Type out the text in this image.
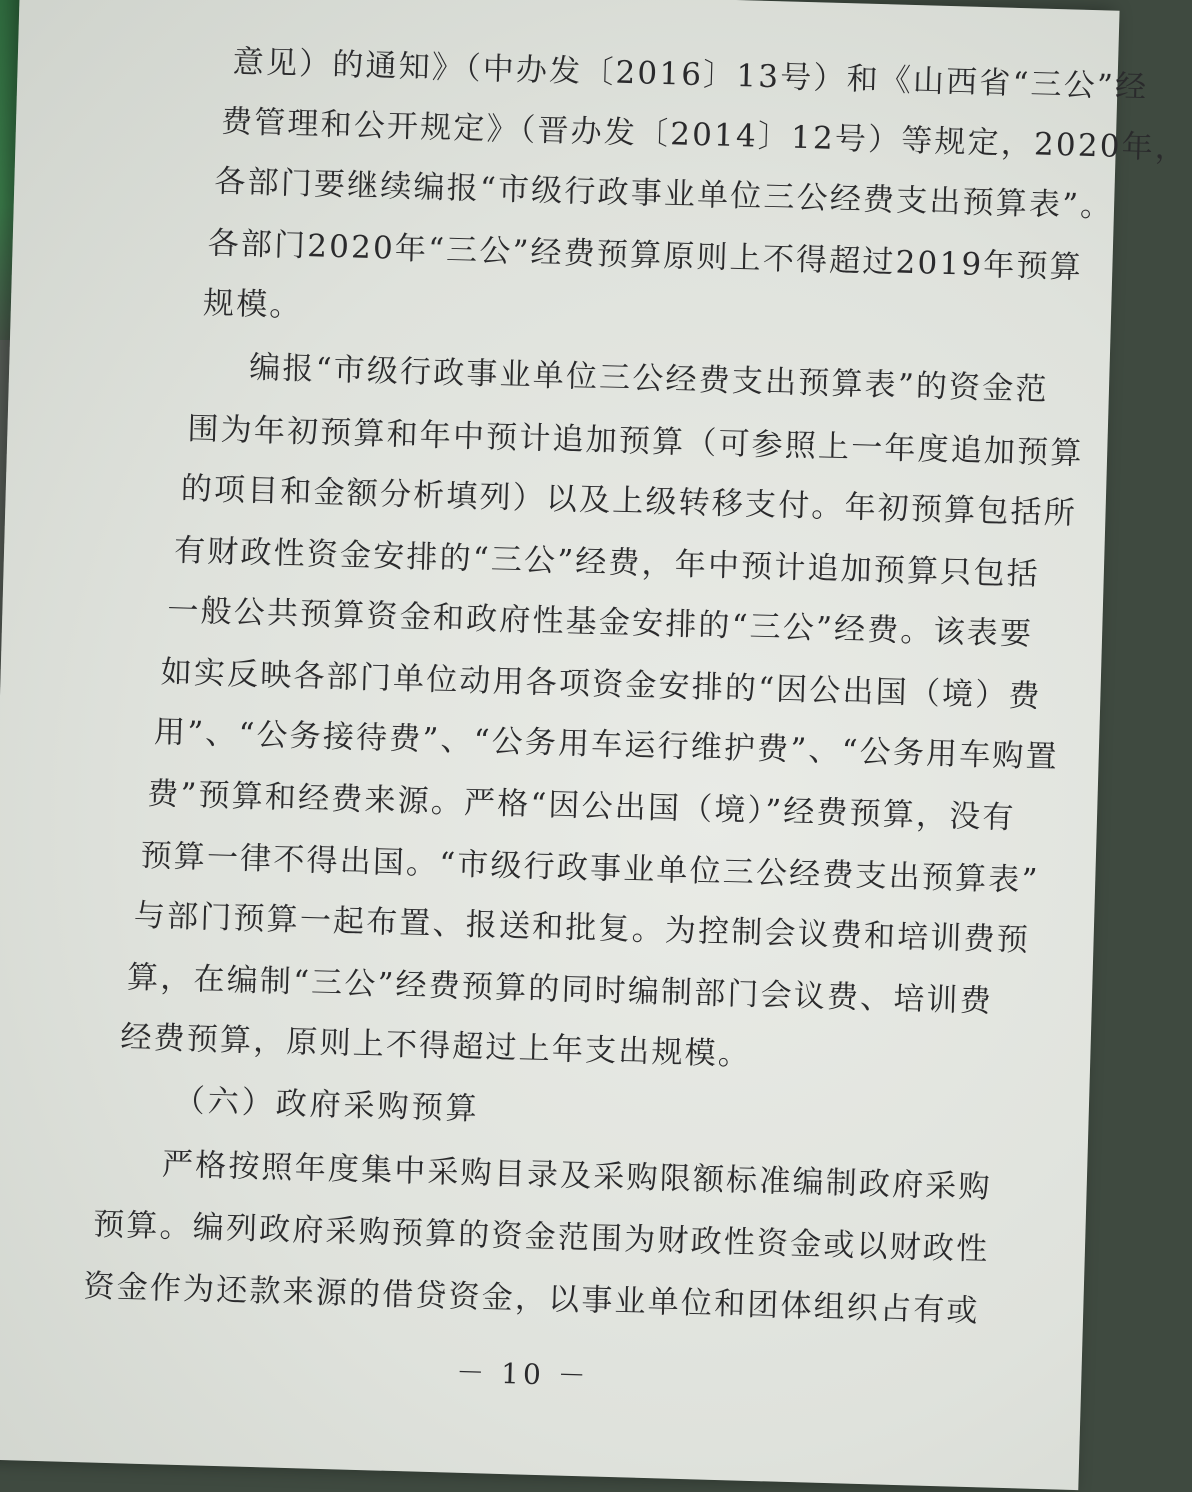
意见）的通知》（中办发〔2016〕13号）和《山西省“三公”经
费管理和公开规定》（晋办发〔2014〕12号）等规定，2020年，
各部门要继续编报“市级行政事业单位三公经费支出预算表”。
各部门2020年“三公”经费预算原则上不得超过2019年预算
规模。
编报“市级行政事业单位三公经费支出预算表”的资金范
围为年初预算和年中预计追加预算（可参照上一年度追加预算
的项目和金额分析填列）以及上级转移支付。年初预算包括所
有财政性资金安排的“三公”经费，年中预计追加预算只包括
一般公共预算资金和政府性基金安排的“三公”经费。该表要
如实反映各部门单位动用各项资金安排的“因公出国（境）费
用”、“公务接待费”、“公务用车运行维护费”、“公务用车购置
费”预算和经费来源。严格“因公出国（境）”经费预算，没有
预算一律不得出国。“市级行政事业单位三公经费支出预算表”
与部门预算一起布置、报送和批复。为控制会议费和培训费预
算，在编制“三公”经费预算的同时编制部门会议费、培训费
经费预算，原则上不得超过上年支出规模。
（六）政府采购预算
严格按照年度集中采购目录及采购限额标准编制政府采购
预算。编列政府采购预算的资金范围为财政性资金或以财政性
资金作为还款来源的借贷资金，以事业单位和团体组织占有或
－ 10 －
